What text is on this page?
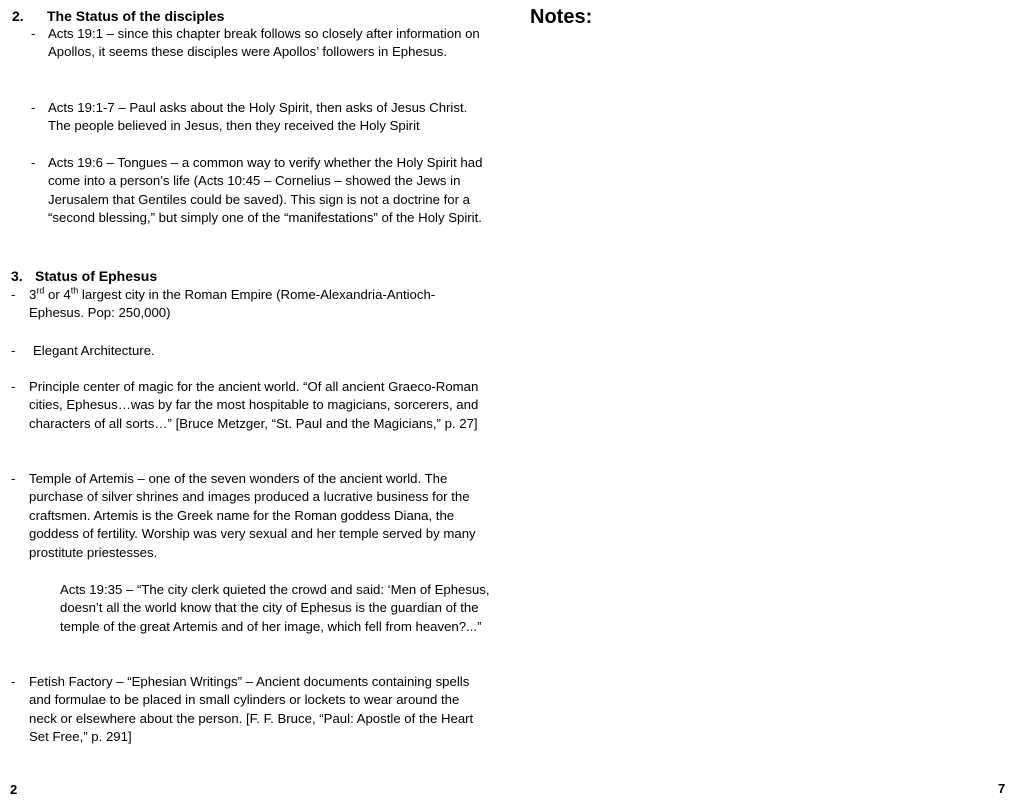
2. The Status of the disciples
- Acts 19:1 – since this chapter break follows so closely after information on Apollos, it seems these disciples were Apollos’ followers in Ephesus.
- Acts 19:1-7 – Paul asks about the Holy Spirit, then asks of Jesus Christ. The people believed in Jesus, then they received the Holy Spirit
- Acts 19:6 – Tongues – a common way to verify whether the Holy Spirit had come into a person’s life (Acts 10:45 – Cornelius – showed the Jews in Jerusalem that Gentiles could be saved). This sign is not a doctrine for a “second blessing,” but simply one of the “manifestations” of the Holy Spirit.
3. Status of Ephesus
- 3rd or 4th largest city in the Roman Empire (Rome-Alexandria-Antioch-Ephesus. Pop: 250,000)
- Elegant Architecture.
- Principle center of magic for the ancient world. “Of all ancient Graeco-Roman cities, Ephesus…was by far the most hospitable to magicians, sorcerers, and characters of all sorts…” [Bruce Metzger, “St. Paul and the Magicians,” p. 27]
- Temple of Artemis – one of the seven wonders of the ancient world. The purchase of silver shrines and images produced a lucrative business for the craftsmen. Artemis is the Greek name for the Roman goddess Diana, the goddess of fertility. Worship was very sexual and her temple served by many prostitute priestesses.
Acts 19:35 – “The city clerk quieted the crowd and said: ‘Men of Ephesus, doesn’t all the world know that the city of Ephesus is the guardian of the temple of the great Artemis and of her image, which fell from heaven?...”
- Fetish Factory – “Ephesian Writings” – Ancient documents containing spells and formulae to be placed in small cylinders or lockets to wear around the neck or elsewhere about the person. [F. F. Bruce, “Paul: Apostle of the Heart Set Free,” p. 291]
2
Notes:
7
